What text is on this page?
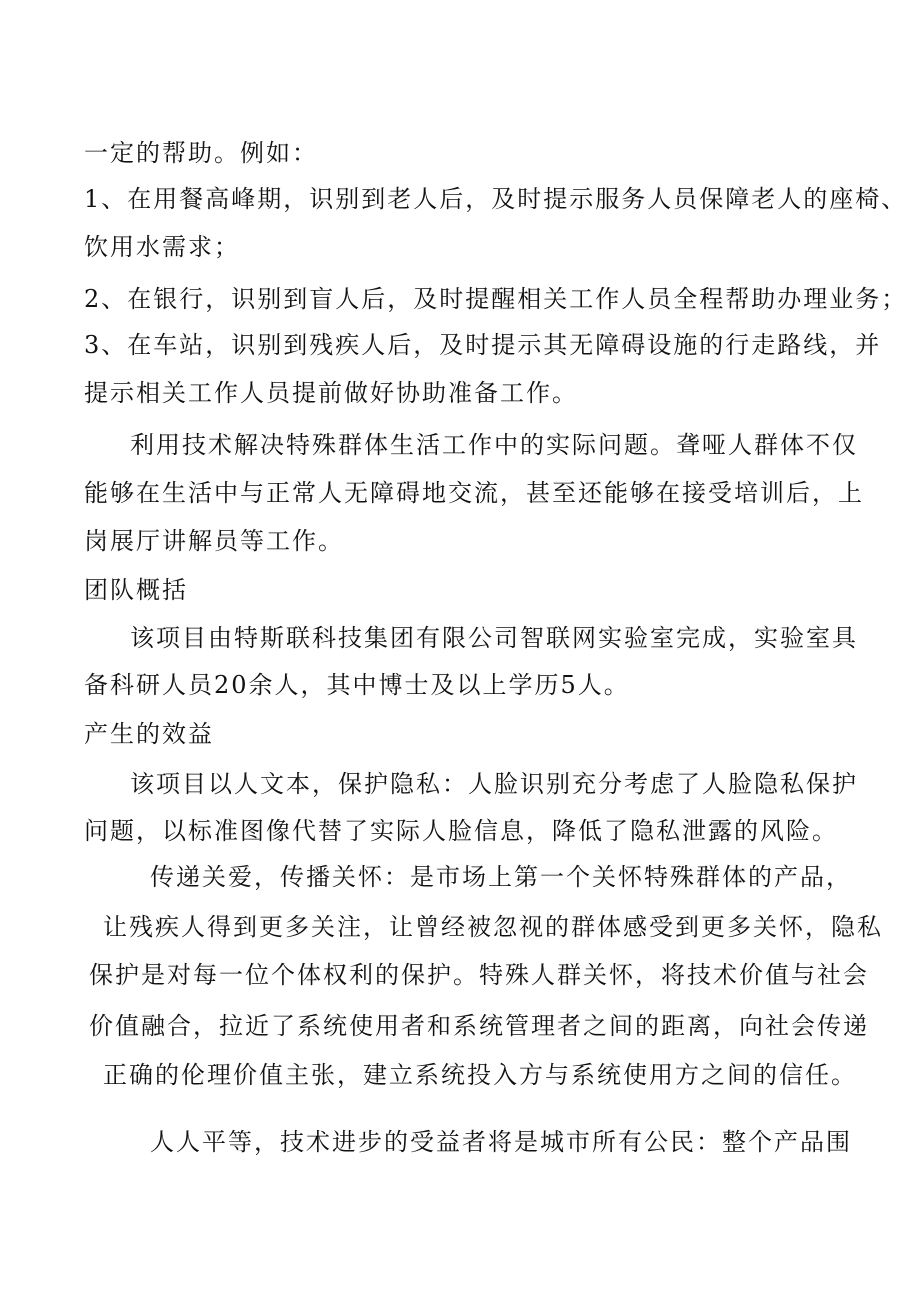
一定的帮助。例如：
1、在用餐高峰期，识别到老人后，及时提示服务人员保障老人的座椅、
饮用水需求；
2、在银行，识别到盲人后，及时提醒相关工作人员全程帮助办理业务；
3、在车站，识别到残疾人后，及时提示其无障碍设施的行走路线，并
提示相关工作人员提前做好协助准备工作。
利用技术解决特殊群体生活工作中的实际问题。聋哑人群体不仅
能够在生活中与正常人无障碍地交流，甚至还能够在接受培训后，上
岗展厅讲解员等工作。
团队概括
该项目由特斯联科技集团有限公司智联网实验室完成，实验室具
备科研人员20余人，其中博士及以上学历5人。
产生的效益
该项目以人文本，保护隐私：人脸识别充分考虑了人脸隐私保护
问题，以标准图像代替了实际人脸信息，降低了隐私泄露的风险。
传递关爱，传播关怀：是市场上第一个关怀特殊群体的产品，
让残疾人得到更多关注，让曾经被忽视的群体感受到更多关怀，隐私
保护是对每一位个体权利的保护。特殊人群关怀，将技术价值与社会
价值融合，拉近了系统使用者和系统管理者之间的距离，向社会传递
正确的伦理价值主张，建立系统投入方与系统使用方之间的信任。
人人平等，技术进步的受益者将是城市所有公民：整个产品围
